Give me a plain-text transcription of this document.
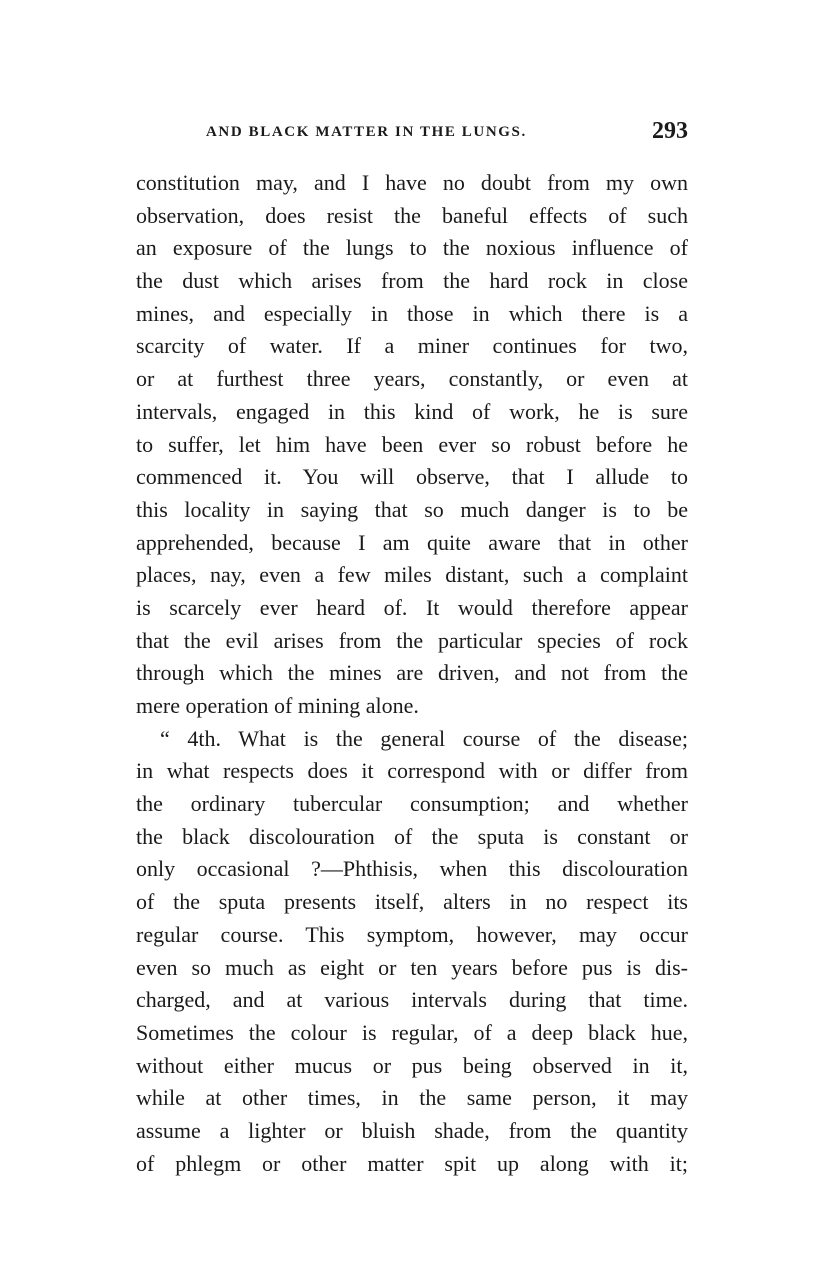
AND BLACK MATTER IN THE LUNGS.	293
constitution may, and I have no doubt from my own
observation, does resist the baneful effects of such
an exposure of the lungs to the noxious influence of
the dust which arises from the hard rock in close
mines, and especially in those in which there is a
scarcity of water. If a miner continues for two,
or at furthest three years, constantly, or even at
intervals, engaged in this kind of work, he is sure
to suffer, let him have been ever so robust before he
commenced it. You will observe, that I allude to
this locality in saying that so much danger is to be
apprehended, because I am quite aware that in other
places, nay, even a few miles distant, such a complaint
is scarcely ever heard of. It would therefore appear
that the evil arises from the particular species of rock
through which the mines are driven, and not from the
mere operation of mining alone.
“ 4th. What is the general course of the disease;
in what respects does it correspond with or differ from
the ordinary tubercular consumption; and whether
the black discolouration of the sputa is constant or
only occasional ?—Phthisis, when this discolouration
of the sputa presents itself, alters in no respect its
regular course. This symptom, however, may occur
even so much as eight or ten years before pus is dis-
charged, and at various intervals during that time.
Sometimes the colour is regular, of a deep black hue,
without either mucus or pus being observed in it,
while at other times, in the same person, it may
assume a lighter or bluish shade, from the quantity
of phlegm or other matter spit up along with it;
